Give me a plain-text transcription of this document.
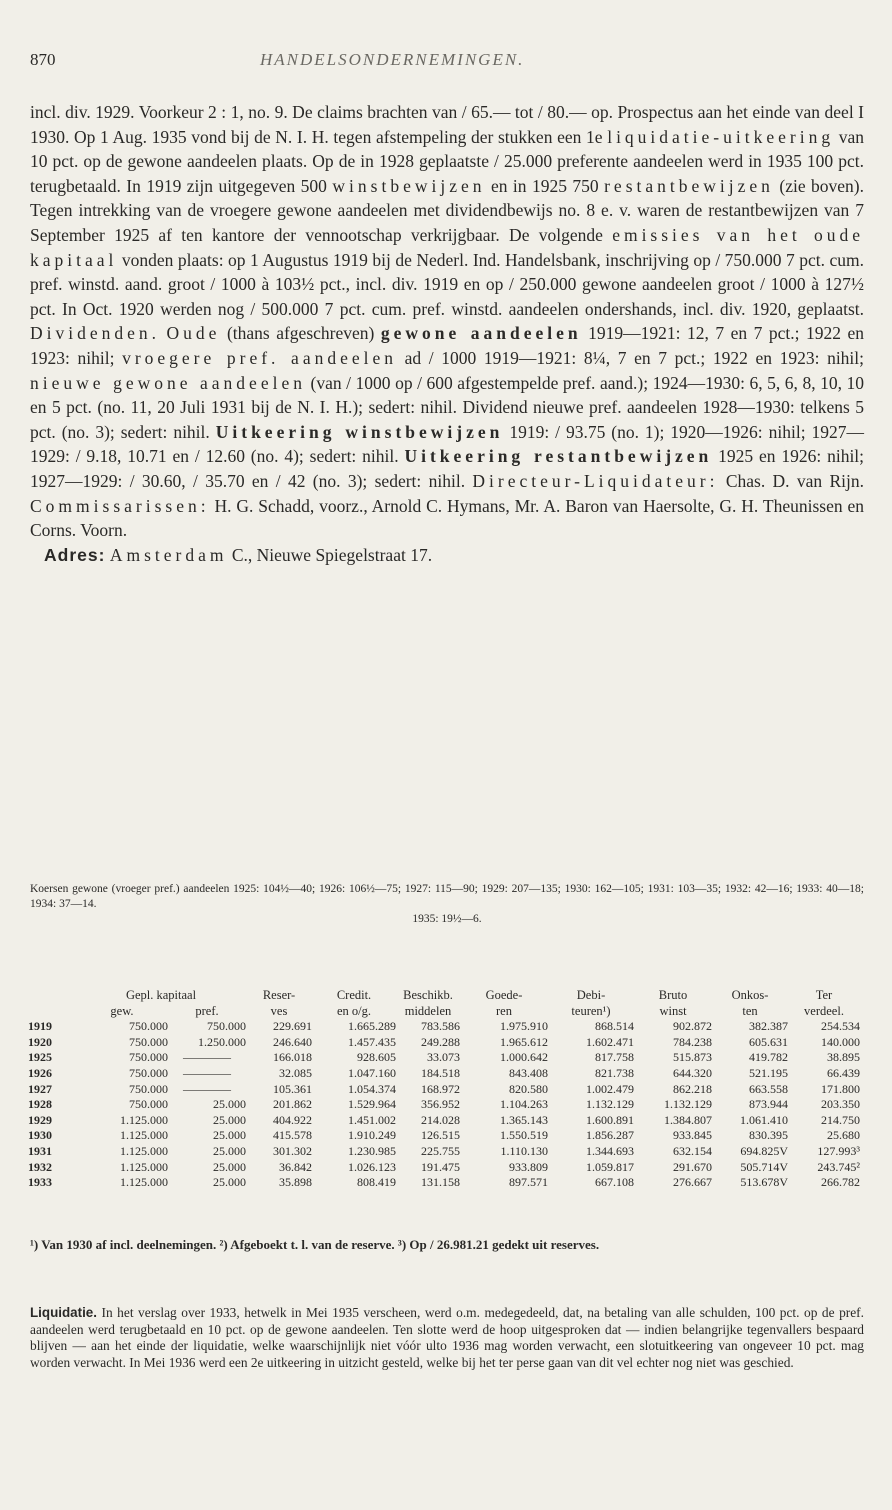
870	HANDELSONDERNEMINGEN.

incl. div. 1929. Voorkeur 2 : 1, no. 9. De claims brachten van / 65.— tot / 80.— op. Prospectus aan het einde van deel I 1930. Op 1 Aug. 1935 vond bij de N. I. H. tegen afstempeling der stukken een 1e liquidatie-uitkeering van 10 pct. op de gewone aandeelen plaats. Op de in 1928 geplaatste / 25.000 preferente aandeelen werd in 1935 100 pct. terugbetaald. In 1919 zijn uitgegeven 500 winstbewijzen en in 1925 750 restantbewijzen (zie boven). Tegen intrekking van de vroegere gewone aandeelen met dividendbewijs no. 8 e. v. waren de restantbewijzen van 7 September 1925 af ten kantore der vennootschap verkrijgbaar. De volgende emissies van het oude kapitaal vonden plaats: op 1 Augustus 1919 bij de Nederl. Ind. Handelsbank, inschrijving op / 750.000 7 pct. cum. pref. winstd. aand. groot / 1000 à 103½ pct., incl. div. 1919 en op / 250.000 gewone aandeelen groot / 1000 à 127½ pct. In Oct. 1920 werden nog / 500.000 7 pct. cum. pref. winstd. aandeelen ondershands, incl. div. 1920, geplaatst. Dividenden. Oude (thans afgeschreven) gewone aandeelen 1919—1921: 12, 7 en 7 pct.; 1922 en 1923: nihil; vroegere pref. aandeelen ad / 1000 1919—1921: 8¼, 7 en 7 pct.; 1922 en 1923: nihil; nieuwe gewone aandeelen (van / 1000 op / 600 afgestempelde pref. aand.); 1924—1930: 6, 5, 6, 8, 10, 10 en 5 pct. (no. 11, 20 Juli 1931 bij de N. I. H.); sedert: nihil. Dividend nieuwe pref. aandeelen 1928—1930: telkens 5 pct. (no. 3); sedert: nihil. Uitkeering winstbewijzen 1919: / 93.75 (no. 1); 1920—1926: nihil; 1927—1929: / 9.18, 10.71 en / 12.60 (no. 4); sedert: nihil. Uitkeering restantbewijzen 1925 en 1926: nihil; 1927—1929: / 30.60, / 35.70 en / 42 (no. 3); sedert: nihil. Directeur-Liquidateur: Chas. D. van Rijn. Commissarissen: H. G. Schadd, voorz., Arnold C. Hymans, Mr. A. Baron van Haersolte, G. H. Theunissen en Corns. Voorn.

Adres: Amsterdam C., Nieuwe Spiegelstraat 17.

Koersen gewone (vroeger pref.) aandeelen 1925: 104½—40; 1926: 106½—75; 1927: 115—90; 1929: 207—135; 1930: 162—105; 1931: 103—35; 1932: 42—16; 1933: 40—18; 1934: 37—14.
1935: 19½—6.
	Gepl. kapitaal		Reser-	Credit.	Beschikb.	Goede-	Debi-	Bruto	Onkos-	Ter
	gew.	pref.	ves	en o/g.	middelen	ren	teuren¹)	winst	ten	verdeel.
1919	750.000	750.000	229.691	1.665.289	783.586	1.975.910	868.514	902.872	382.387	254.534
1920	750.000	1.250.000	246.640	1.457.435	249.288	1.965.612	1.602.471	784.238	605.631	140.000
1925	750.000	————	166.018	928.605	33.073	1.000.642	817.758	515.873	419.782	38.895
1926	750.000	————	32.085	1.047.160	184.518	843.408	821.738	644.320	521.195	66.439
1927	750.000	————	105.361	1.054.374	168.972	820.580	1.002.479	862.218	663.558	171.800
1928	750.000	25.000	201.862	1.529.964	356.952	1.104.263	1.132.129	1.132.129	873.944	203.350
1929	1.125.000	25.000	404.922	1.451.002	214.028	1.365.143	1.600.891	1.384.807	1.061.410	214.750
1930	1.125.000	25.000	415.578	1.910.249	126.515	1.550.519	1.856.287	933.845	830.395	25.680
1931	1.125.000	25.000	301.302	1.230.985	225.755	1.110.130	1.344.693	632.154	694.825V	127.993³
1932	1.125.000	25.000	36.842	1.026.123	191.475	933.809	1.059.817	291.670	505.714V	243.745²
1933	1.125.000	25.000	35.898	808.419	131.158	897.571	667.108	276.667	513.678V	266.782
¹) Van 1930 af incl. deelnemingen. ²) Afgeboekt t. l. van de reserve. ³) Op / 26.981.21 gedekt uit reserves.
Liquidatie. In het verslag over 1933, hetwelk in Mei 1935 verscheen, werd o.m. medegedeeld, dat, na betaling van alle schulden, 100 pct. op de pref. aandeelen werd terugbetaald en 10 pct. op de gewone aandeelen. Ten slotte werd de hoop uitgesproken dat — indien belangrijke tegenvallers bespaard blijven — aan het einde der liquidatie, welke waarschijnlijk niet vóór ulto 1936 mag worden verwacht, een slotuitkeering van ongeveer 10 pct. mag worden verwacht. In Mei 1936 werd een 2e uitkeering in uitzicht gesteld, welke bij het ter perse gaan van dit vel echter nog niet was geschied.
